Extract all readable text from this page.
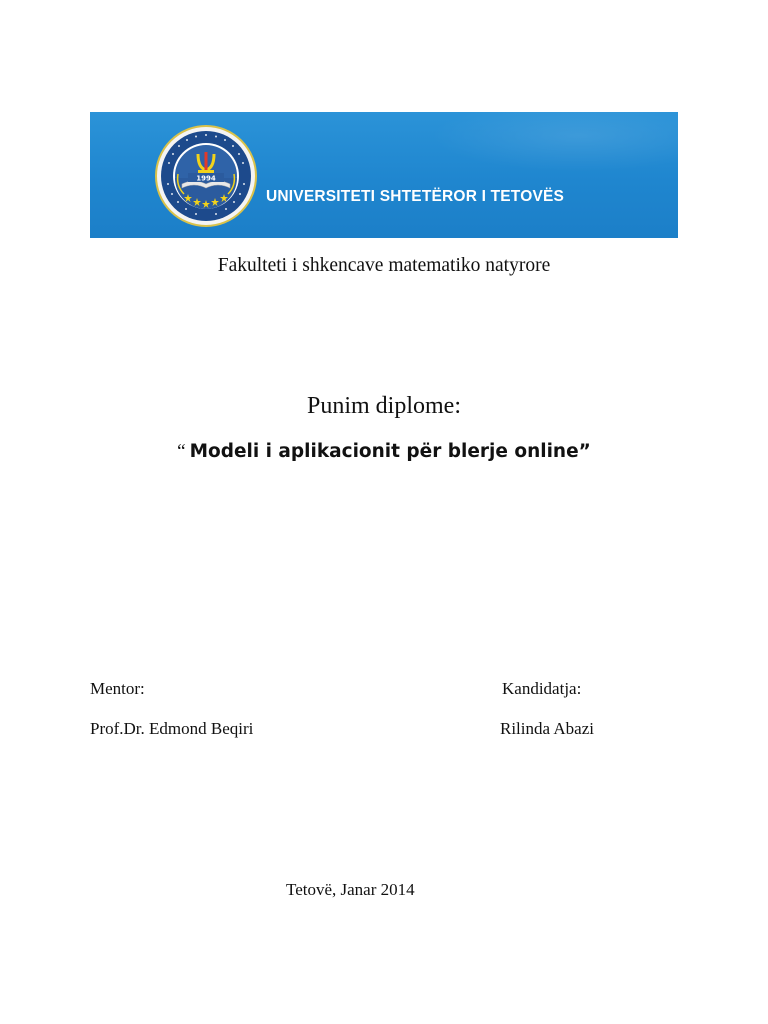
1994
UNIVERSITETI SHTETËROR I TETOVËS
Fakulteti i shkencave matematiko natyrore
Punim diplome:
“ Modeli i aplikacionit për blerje online”
Mentor:
Prof.Dr. Edmond Beqiri
Kandidatja:
Rilinda Abazi
Tetovë, Janar 2014
